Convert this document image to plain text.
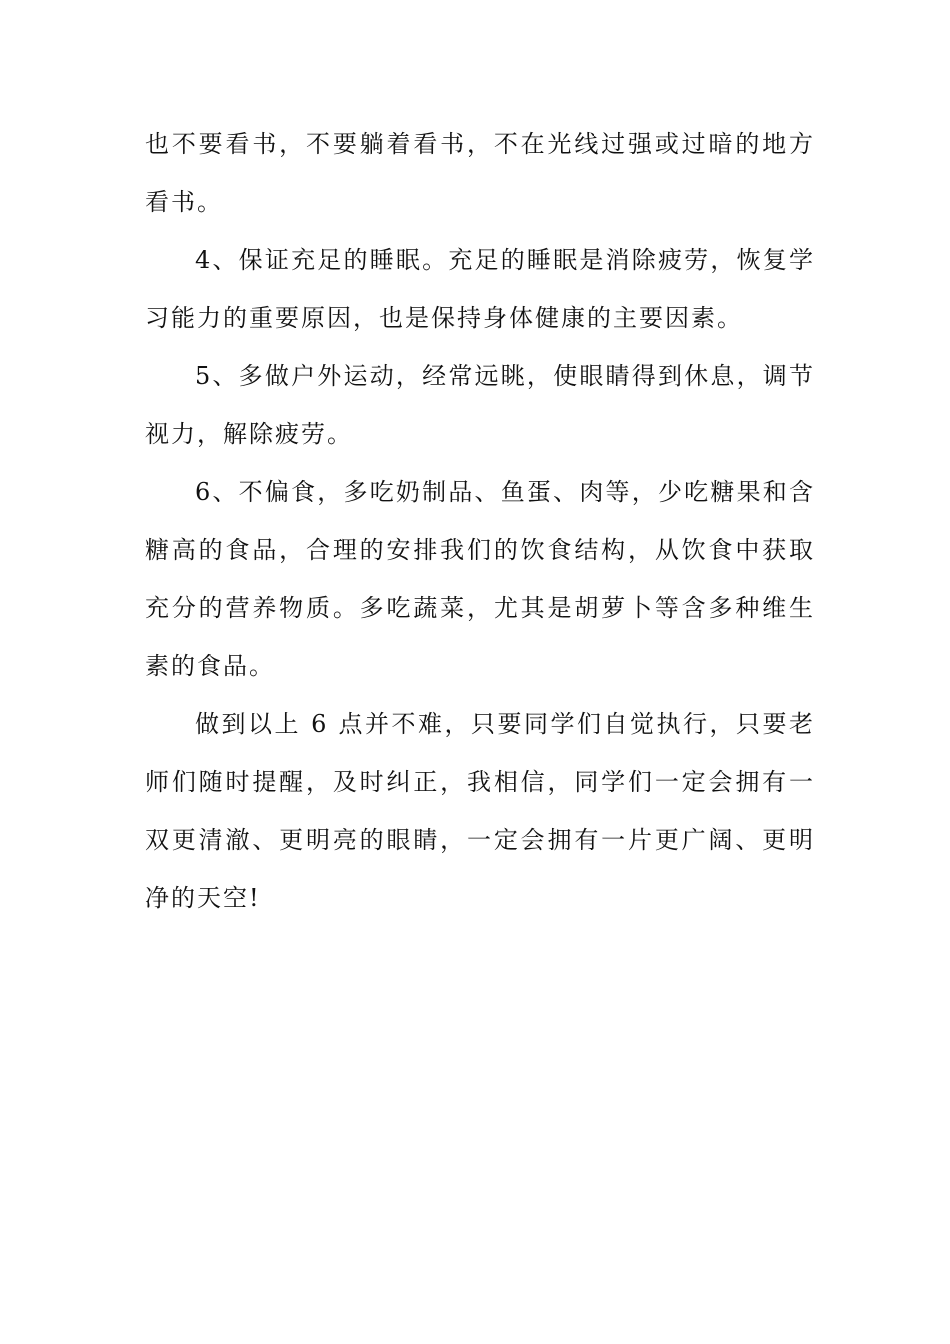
也不要看书，不要躺着看书，不在光线过强或过暗的地方看书。

4、保证充足的睡眠。充足的睡眠是消除疲劳，恢复学习能力的重要原因，也是保持身体健康的主要因素。

5、多做户外运动，经常远眺，使眼睛得到休息，调节视力，解除疲劳。

6、不偏食，多吃奶制品、鱼蛋、肉等，少吃糖果和含糖高的食品，合理的安排我们的饮食结构，从饮食中获取充分的营养物质。多吃蔬菜，尤其是胡萝卜等含多种维生素的食品。

做到以上 6 点并不难，只要同学们自觉执行，只要老师们随时提醒，及时纠正，我相信，同学们一定会拥有一双更清澈、更明亮的眼睛，一定会拥有一片更广阔、更明净的天空!
